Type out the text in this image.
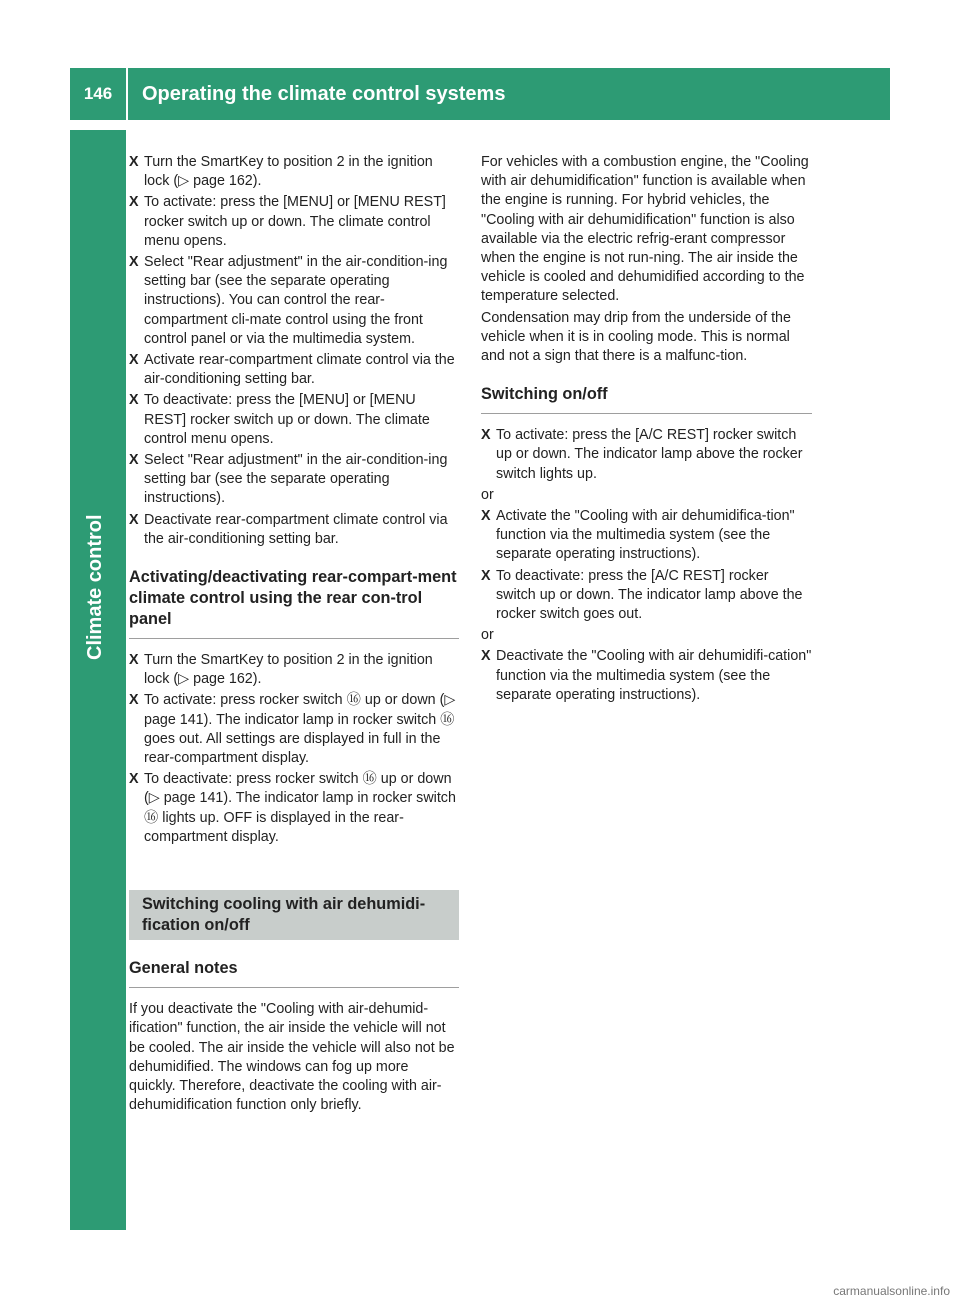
146	Operating the climate control systems
Climate control
X Turn the SmartKey to position 2 in the ignition lock (▷ page 162).
X To activate: press the [MENU] or [MENU REST] rocker switch up or down. The climate control menu opens.
X Select "Rear adjustment" in the air-condition-ing setting bar (see the separate operating instructions). You can control the rear-compartment cli-mate control using the front control panel or via the multimedia system.
X Activate rear-compartment climate control via the air-conditioning setting bar.
X To deactivate: press the [MENU] or [MENU REST] rocker switch up or down. The climate control menu opens.
X Select "Rear adjustment" in the air-condition-ing setting bar (see the separate operating instructions).
X Deactivate rear-compartment climate control via the air-conditioning setting bar.
Activating/deactivating rear-compart-ment climate control using the rear con-trol panel
X Turn the SmartKey to position 2 in the ignition lock (▷ page 162).
X To activate: press rocker switch ⑯ up or down (▷ page 141). The indicator lamp in rocker switch ⑯ goes out. All settings are displayed in full in the rear-compartment display.
X To deactivate: press rocker switch ⑯ up or down (▷ page 141). The indicator lamp in rocker switch ⑯ lights up. OFF is displayed in the rear-compartment display.
Switching cooling with air dehumidi-fication on/off
General notes

If you deactivate the "Cooling with air-dehumid-ification" function, the air inside the vehicle will not be cooled. The air inside the vehicle will also not be dehumidified. The windows can fog up more quickly. Therefore, deactivate the cooling with air-dehumidification function only briefly.

For vehicles with a combustion engine, the "Cooling with air dehumidification" function is available when the engine is running. For hybrid vehicles, the "Cooling with air dehumidification" function is also available via the electric refrig-erant compressor when the engine is not run-ning. The air inside the vehicle is cooled and dehumidified according to the temperature selected.

Condensation may drip from the underside of the vehicle when it is in cooling mode. This is normal and not a sign that there is a malfunc-tion.

Switching on/off
X To activate: press the [A/C REST] rocker switch up or down. The indicator lamp above the rocker switch lights up.
or
X Activate the "Cooling with air dehumidifica-tion" function via the multimedia system (see the separate operating instructions).
X To deactivate: press the [A/C REST] rocker switch up or down. The indicator lamp above the rocker switch goes out.
or
X Deactivate the "Cooling with air dehumidifi-cation" function via the multimedia system (see the separate operating instructions).
carmanualsonline.info
